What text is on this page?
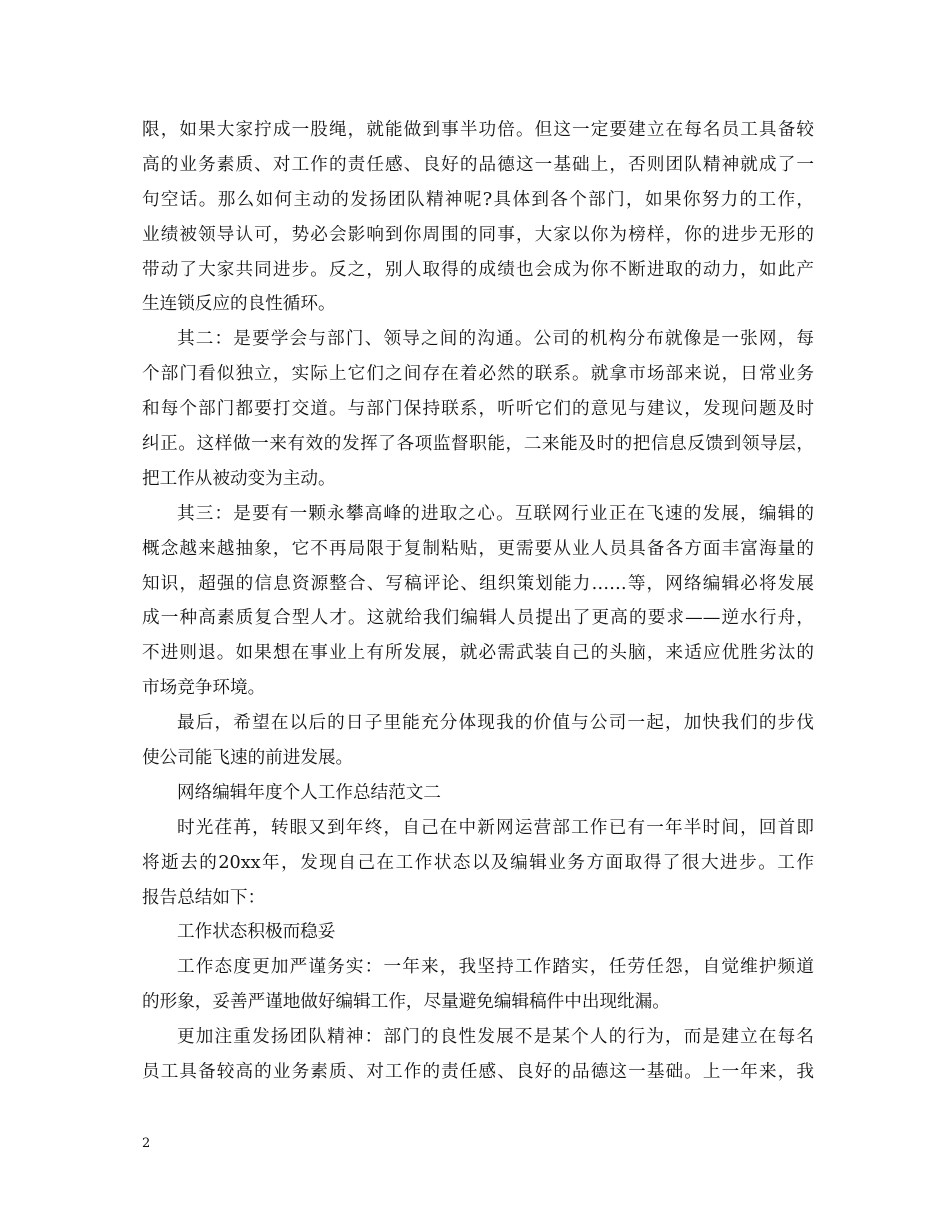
限，如果大家拧成一股绳，就能做到事半功倍。但这一定要建立在每名员工具备较
高的业务素质、对工作的责任感、良好的品德这一基础上，否则团队精神就成了一
句空话。那么如何主动的发扬团队精神呢?具体到各个部门，如果你努力的工作，
业绩被领导认可，势必会影响到你周围的同事，大家以你为榜样，你的进步无形的
带动了大家共同进步。反之，别人取得的成绩也会成为你不断进取的动力，如此产
生连锁反应的良性循环。
其二：是要学会与部门、领导之间的沟通。公司的机构分布就像是一张网，每
个部门看似独立，实际上它们之间存在着必然的联系。就拿市场部来说，日常业务
和每个部门都要打交道。与部门保持联系，听听它们的意见与建议，发现问题及时
纠正。这样做一来有效的发挥了各项监督职能，二来能及时的把信息反馈到领导层，
把工作从被动变为主动。
其三：是要有一颗永攀高峰的进取之心。互联网行业正在飞速的发展，编辑的
概念越来越抽象，它不再局限于复制粘贴，更需要从业人员具备各方面丰富海量的
知识，超强的信息资源整合、写稿评论、组织策划能力……等，网络编辑必将发展
成一种高素质复合型人才。这就给我们编辑人员提出了更高的要求——逆水行舟，
不进则退。如果想在事业上有所发展，就必需武装自己的头脑，来适应优胜劣汰的
市场竞争环境。
最后，希望在以后的日子里能充分体现我的价值与公司一起，加快我们的步伐
使公司能飞速的前进发展。
网络编辑年度个人工作总结范文二
时光荏苒，转眼又到年终，自己在中新网运营部工作已有一年半时间，回首即
将逝去的20xx年，发现自己在工作状态以及编辑业务方面取得了很大进步。工作
报告总结如下：
工作状态积极而稳妥
工作态度更加严谨务实：一年来，我坚持工作踏实，任劳任怨，自觉维护频道
的形象，妥善严谨地做好编辑工作，尽量避免编辑稿件中出现纰漏。
更加注重发扬团队精神：部门的良性发展不是某个人的行为，而是建立在每名
员工具备较高的业务素质、对工作的责任感、良好的品德这一基础。上一年来，我
2
